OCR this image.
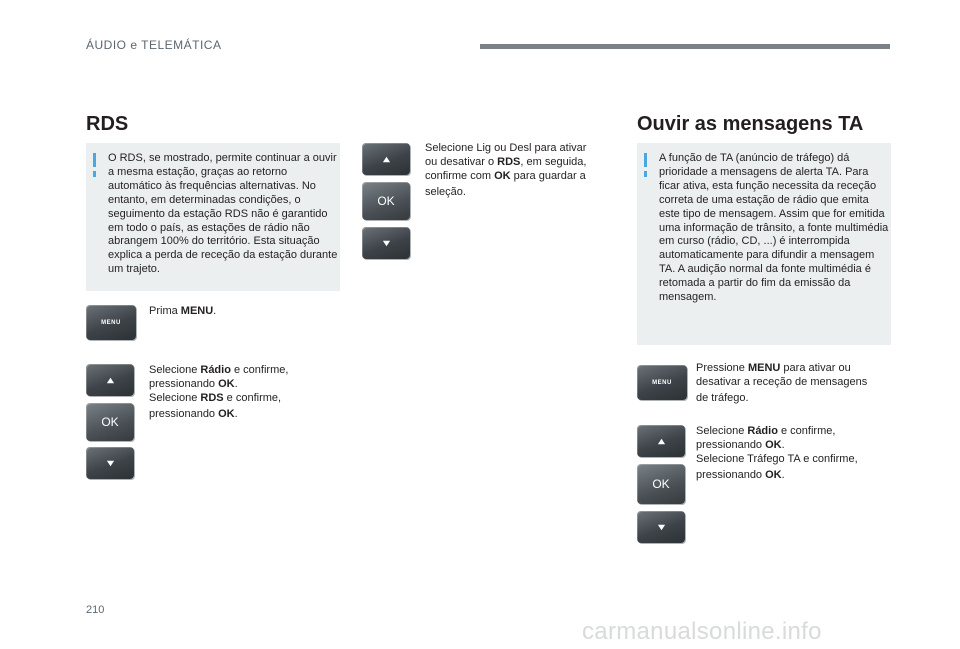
ÁUDIO e TELEMÁTICA
RDS

O RDS, se mostrado, permite continuar a ouvir a mesma estação, graças ao retorno automático às frequências alternativas. No entanto, em determinadas condições, o seguimento da estação RDS não é garantido em todo o país, as estações de rádio não abrangem 100% do território. Esta situação explica a perda de receção da estação durante um trajeto.

MENU

Prima MENU.

OK
Selecione Rádio e confirme,
pressionando OK.
Selecione RDS e confirme,
pressionando OK.
OK
Selecione Lig ou Desl para ativar
ou desativar o RDS, em seguida,
confirme com OK para guardar a
seleção.
Ouvir as mensagens TA

A função de TA (anúncio de tráfego) dá prioridade a mensagens de alerta TA. Para ficar ativa, esta função necessita da receção correta de uma estação de rádio que emita este tipo de mensagem. Assim que for emitida uma informação de trânsito, a fonte multimédia em curso (rádio, CD, ...) é interrompida automaticamente para difundir a mensagem TA. A audição normal da fonte multimédia é retomada a partir do fim da emissão da mensagem.

MENU
Pressione MENU para ativar ou
desativar a receção de mensagens
de tráfego.
OK
Selecione Rádio e confirme,
pressionando OK.
Selecione Tráfego TA e confirme,
pressionando OK.
210
carmanualsonline.info
